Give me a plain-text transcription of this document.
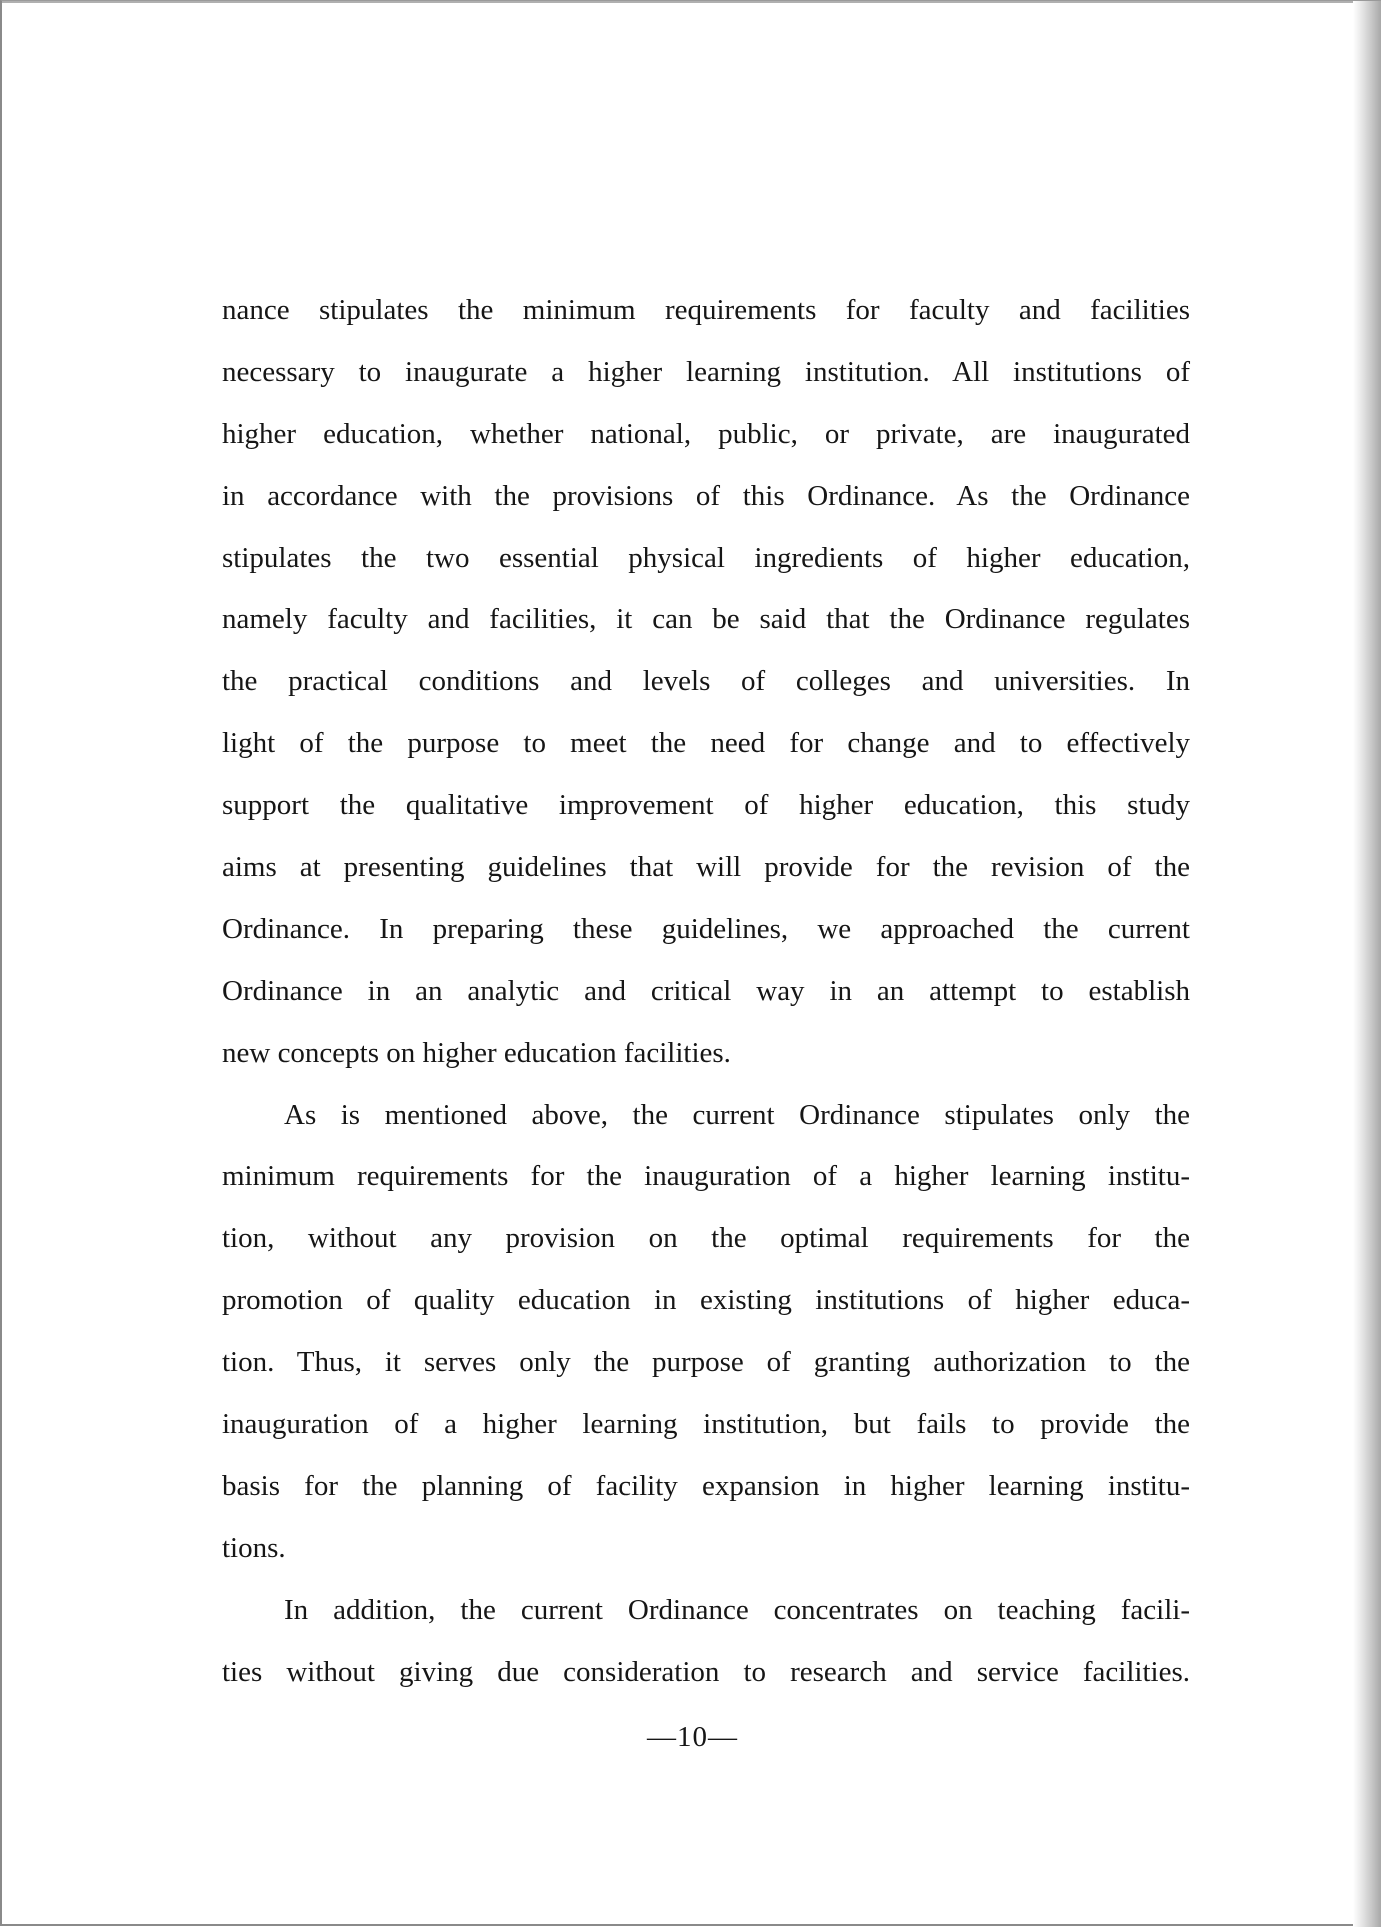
nance stipulates the minimum requirements for faculty and facilities
necessary to inaugurate a higher learning institution. All institutions of
higher education, whether national, public, or private, are inaugurated
in accordance with the provisions of this Ordinance. As the Ordinance
stipulates the two essential physical ingredients of higher education,
namely faculty and facilities, it can be said that the Ordinance regulates
the practical conditions and levels of colleges and universities. In
light of the purpose to meet the need for change and to effectively
support the qualitative improvement of higher education, this study
aims at presenting guidelines that will provide for the revision of the
Ordinance. In preparing these guidelines, we approached the current
Ordinance in an analytic and critical way in an attempt to establish
new concepts on higher education facilities.
As is mentioned above, the current Ordinance stipulates only the
minimum requirements for the inauguration of a higher learning institu-
tion, without any provision on the optimal requirements for the
promotion of quality education in existing institutions of higher educa-
tion. Thus, it serves only the purpose of granting authorization to the
inauguration of a higher learning institution, but fails to provide the
basis for the planning of facility expansion in higher learning institu-
tions.
In addition, the current Ordinance concentrates on teaching facili-
ties without giving due consideration to research and service facilities.
—10—
